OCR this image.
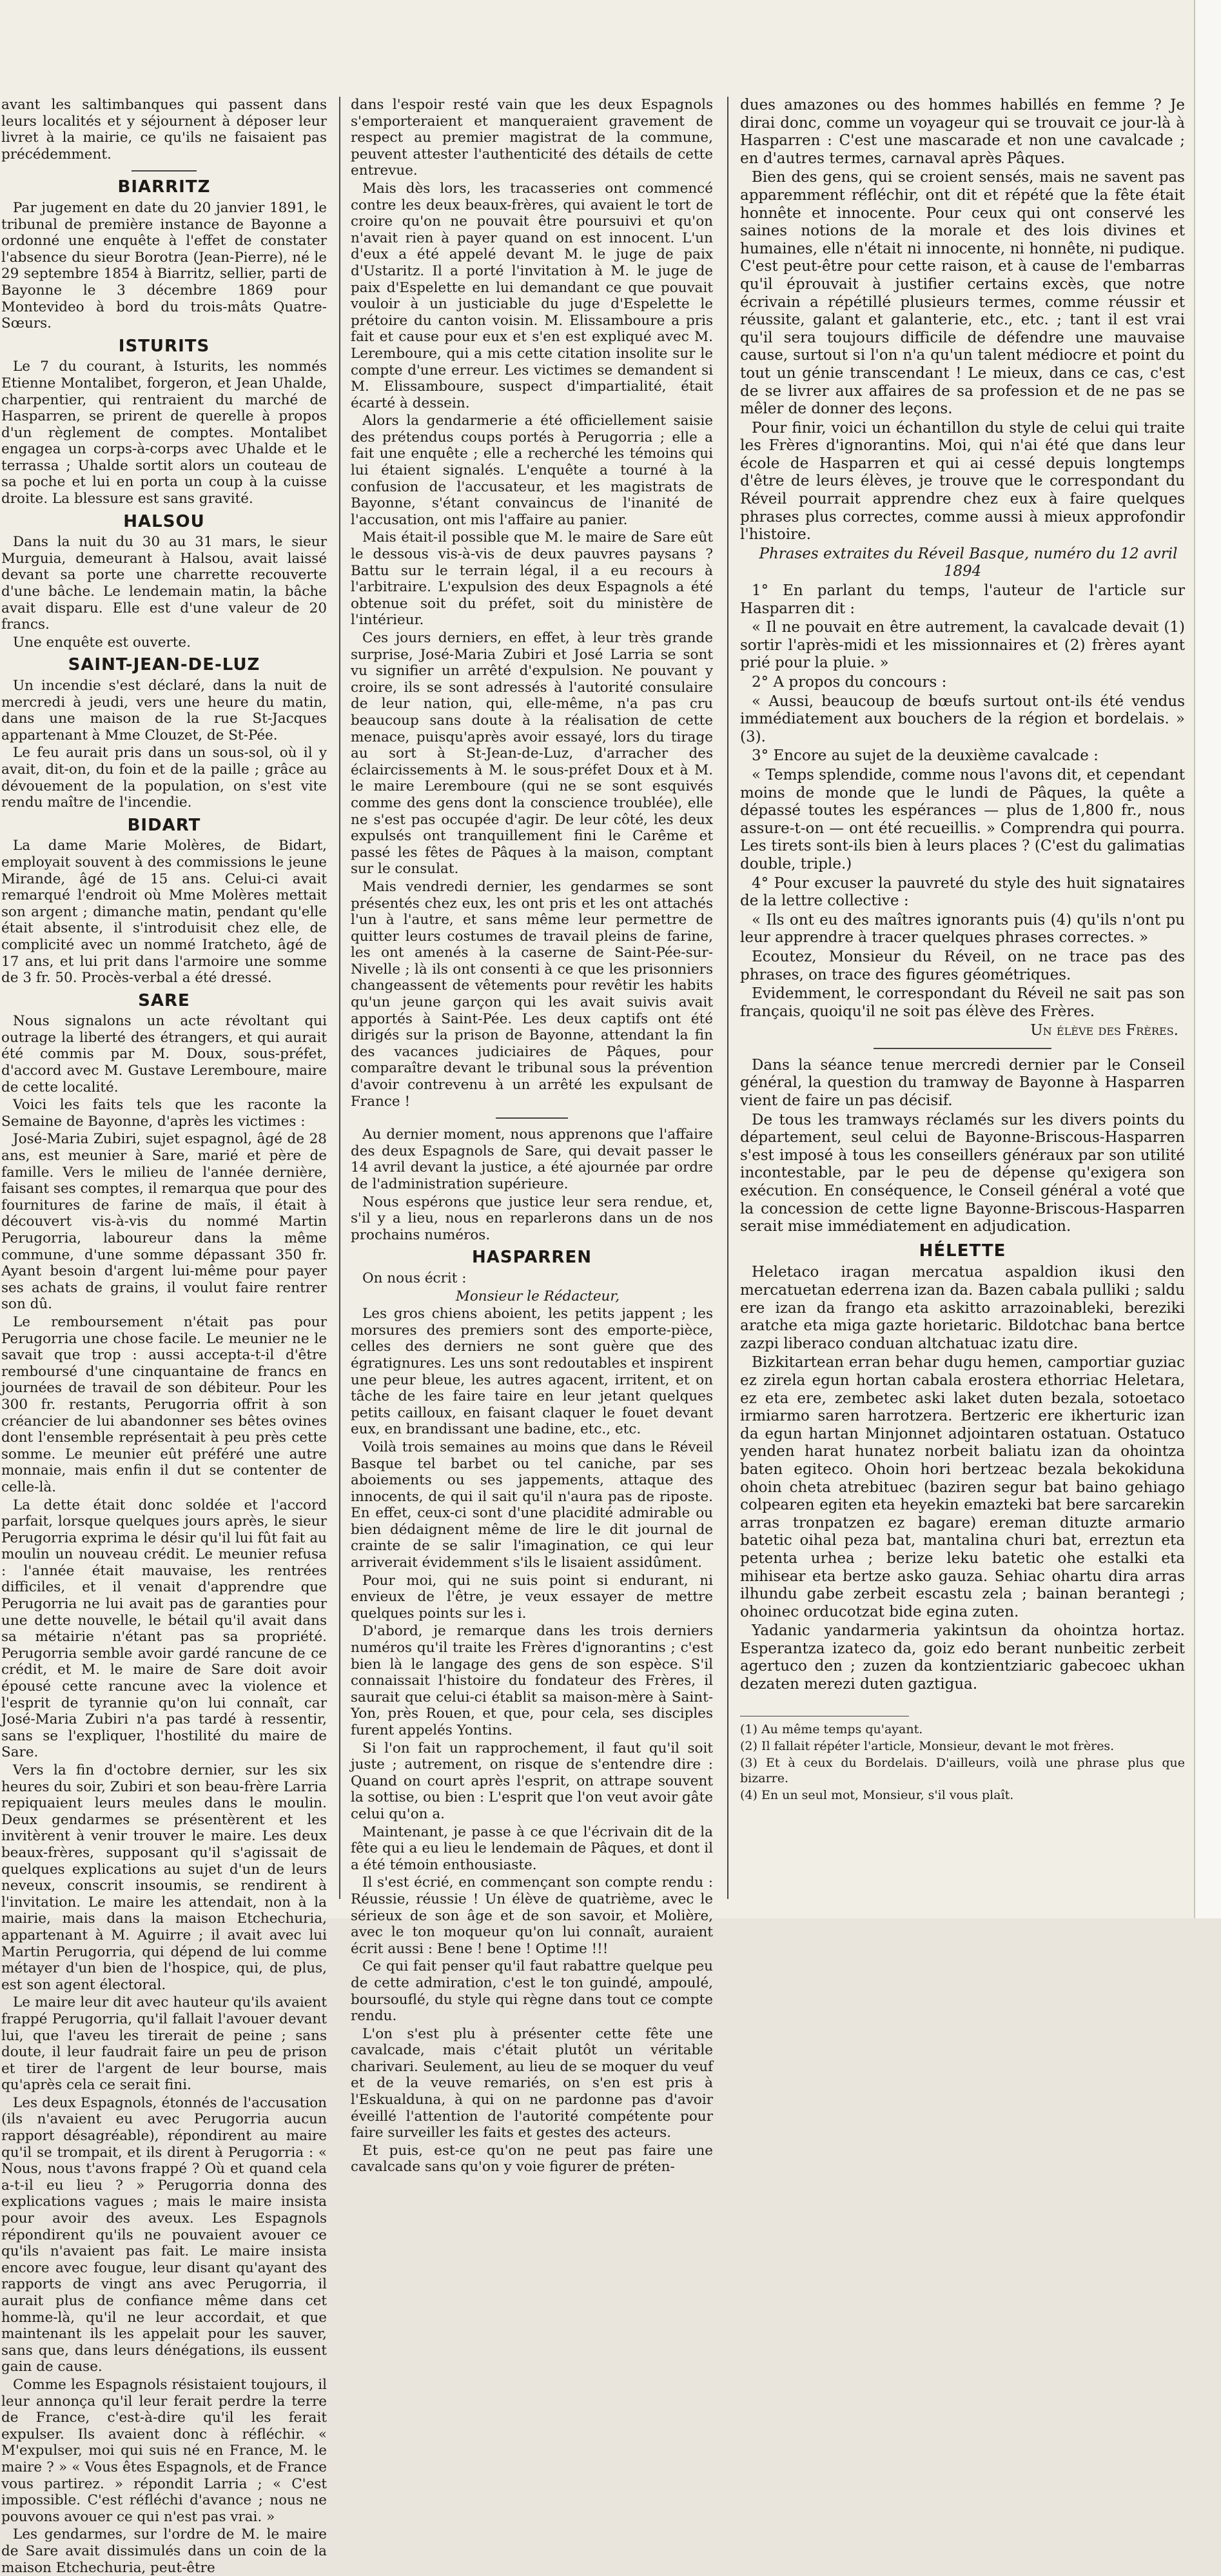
avant les saltimbanques qui passent dans leurs localités et y séjournent à déposer leur livret à la mairie, ce qu'ils ne faisaient pas précédemment.

BIARRITZ

Par jugement en date du 20 janvier 1891, le tribunal de première instance de Bayonne a ordonné une enquête à l'effet de constater l'absence du sieur Borotra (Jean-Pierre), né le 29 septembre 1854 à Biarritz, sellier, parti de Bayonne le 3 décembre 1869 pour Montevideo à bord du trois-mâts Quatre-Sœurs.

ISTURITS

Le 7 du courant, à Isturits, les nommés Etienne Montalibet, forgeron, et Jean Uhalde, charpentier, qui rentraient du marché de Hasparren, se prirent de querelle à propos d'un règlement de comptes. Montalibet engagea un corps-à-corps avec Uhalde et le terrassa ; Uhalde sortit alors un couteau de sa poche et lui en porta un coup à la cuisse droite. La blessure est sans gravité.

HALSOU

Dans la nuit du 30 au 31 mars, le sieur Murguia, demeurant à Halsou, avait laissé devant sa porte une charrette recouverte d'une bâche. Le lendemain matin, la bâche avait disparu. Elle est d'une valeur de 20 francs.

Une enquête est ouverte.

SAINT-JEAN-DE-LUZ

Un incendie s'est déclaré, dans la nuit de mercredi à jeudi, vers une heure du matin, dans une maison de la rue St-Jacques appartenant à Mme Clouzet, de St-Pée.

Le feu aurait pris dans un sous-sol, où il y avait, dit-on, du foin et de la paille ; grâce au dévouement de la population, on s'est vite rendu maître de l'incendie.

BIDART

La dame Marie Molères, de Bidart, employait souvent à des commissions le jeune Mirande, âgé de 15 ans. Celui-ci avait remarqué l'endroit où Mme Molères mettait son argent ; dimanche matin, pendant qu'elle était absente, il s'introduisit chez elle, de complicité avec un nommé Iratcheto, âgé de 17 ans, et lui prit dans l'armoire une somme de 3 fr. 50. Procès-verbal a été dressé.

SARE

Nous signalons un acte révoltant qui outrage la liberté des étrangers, et qui aurait été commis par M. Doux, sous-préfet, d'accord avec M. Gustave Leremboure, maire de cette localité.

Voici les faits tels que les raconte la Semaine de Bayonne, d'après les victimes :

José-Maria Zubiri, sujet espagnol, âgé de 28 ans, est meunier à Sare, marié et père de famille. Vers le milieu de l'année dernière, faisant ses comptes, il remarqua que pour des fournitures de farine de maïs, il était à découvert vis-à-vis du nommé Martin Perugorria, laboureur dans la même commune, d'une somme dépassant 350 fr. Ayant besoin d'argent lui-même pour payer ses achats de grains, il voulut faire rentrer son dû.

Le remboursement n'était pas pour Perugorria une chose facile. Le meunier ne le savait que trop : aussi accepta-t-il d'être remboursé d'une cinquantaine de francs en journées de travail de son débiteur. Pour les 300 fr. restants, Perugorria offrit à son créancier de lui abandonner ses bêtes ovines dont l'ensemble représentait à peu près cette somme. Le meunier eût préféré une autre monnaie, mais enfin il dut se contenter de celle-là.

La dette était donc soldée et l'accord parfait, lorsque quelques jours après, le sieur Perugorria exprima le désir qu'il lui fût fait au moulin un nouveau crédit. Le meunier refusa : l'année était mauvaise, les rentrées difficiles, et il venait d'apprendre que Perugorria ne lui avait pas de garanties pour une dette nouvelle, le bétail qu'il avait dans sa métairie n'étant pas sa propriété. Perugorria semble avoir gardé rancune de ce crédit, et M. le maire de Sare doit avoir épousé cette rancune avec la violence et l'esprit de tyrannie qu'on lui connaît, car José-Maria Zubiri n'a pas tardé à ressentir, sans se l'expliquer, l'hostilité du maire de Sare.

Vers la fin d'octobre dernier, sur les six heures du soir, Zubiri et son beau-frère Larria repiquaient leurs meules dans le moulin. Deux gendarmes se présentèrent et les invitèrent à venir trouver le maire. Les deux beaux-frères, supposant qu'il s'agissait de quelques explications au sujet d'un de leurs neveux, conscrit insoumis, se rendirent à l'invitation. Le maire les attendait, non à la mairie, mais dans la maison Etchechuria, appartenant à M. Aguirre ; il avait avec lui Martin Perugorria, qui dépend de lui comme métayer d'un bien de l'hospice, qui, de plus, est son agent électoral.

Le maire leur dit avec hauteur qu'ils avaient frappé Perugorria, qu'il fallait l'avouer devant lui, que l'aveu les tirerait de peine ; sans doute, il leur faudrait faire un peu de prison et tirer de l'argent de leur bourse, mais qu'après cela ce serait fini.

Les deux Espagnols, étonnés de l'accusation (ils n'avaient eu avec Perugorria aucun rapport désagréable), répondirent au maire qu'il se trompait, et ils dirent à Perugorria : « Nous, nous t'avons frappé ? Où et quand cela a-t-il eu lieu ? » Perugorria donna des explications vagues ; mais le maire insista pour avoir des aveux. Les Espagnols répondirent qu'ils ne pouvaient avouer ce qu'ils n'avaient pas fait. Le maire insista encore avec fougue, leur disant qu'ayant des rapports de vingt ans avec Perugorria, il aurait plus de confiance même dans cet homme-là, qu'il ne leur accordait, et que maintenant ils les appelait pour les sauver, sans que, dans leurs dénégations, ils eussent gain de cause.

Comme les Espagnols résistaient toujours, il leur annonça qu'il leur ferait perdre la terre de France, c'est-à-dire qu'il les ferait expulser. Ils avaient donc à réfléchir. « M'expulser, moi qui suis né en France, M. le maire ? » « Vous êtes Espagnols, et de France vous partirez. » répondit Larria ; « C'est impossible. C'est réfléchi d'avance ; nous ne pouvons avouer ce qui n'est pas vrai. »

Les gendarmes, sur l'ordre de M. le maire de Sare avait dissimulés dans un coin de la maison Etchechuria, peut-être

dans l'espoir resté vain que les deux Espagnols s'emporteraient et manqueraient gravement de respect au premier magistrat de la commune, peuvent attester l'authenticité des détails de cette entrevue.

Mais dès lors, les tracasseries ont commencé contre les deux beaux-frères, qui avaient le tort de croire qu'on ne pouvait être poursuivi et qu'on n'avait rien à payer quand on est innocent. L'un d'eux a été appelé devant M. le juge de paix d'Ustaritz. Il a porté l'invitation à M. le juge de paix d'Espelette en lui demandant ce que pouvait vouloir à un justiciable du juge d'Espelette le prétoire du canton voisin. M. Elissamboure a pris fait et cause pour eux et s'en est expliqué avec M. Leremboure, qui a mis cette citation insolite sur le compte d'une erreur. Les victimes se demandent si M. Elissamboure, suspect d'impartialité, était écarté à dessein.

Alors la gendarmerie a été officiellement saisie des prétendus coups portés à Perugorria ; elle a fait une enquête ; elle a recherché les témoins qui lui étaient signalés. L'enquête a tourné à la confusion de l'accusateur, et les magistrats de Bayonne, s'étant convaincus de l'inanité de l'accusation, ont mis l'affaire au panier.

Mais était-il possible que M. le maire de Sare eût le dessous vis-à-vis de deux pauvres paysans ? Battu sur le terrain légal, il a eu recours à l'arbitraire. L'expulsion des deux Espagnols a été obtenue soit du préfet, soit du ministère de l'intérieur.

Ces jours derniers, en effet, à leur très grande surprise, José-Maria Zubiri et José Larria se sont vu signifier un arrêté d'expulsion. Ne pouvant y croire, ils se sont adressés à l'autorité consulaire de leur nation, qui, elle-même, n'a pas cru beaucoup sans doute à la réalisation de cette menace, puisqu'après avoir essayé, lors du tirage au sort à St-Jean-de-Luz, d'arracher des éclaircissements à M. le sous-préfet Doux et à M. le maire Leremboure (qui ne se sont esquivés comme des gens dont la conscience troublée), elle ne s'est pas occupée d'agir. De leur côté, les deux expulsés ont tranquillement fini le Carême et passé les fêtes de Pâques à la maison, comptant sur le consulat.

Mais vendredi dernier, les gendarmes se sont présentés chez eux, les ont pris et les ont attachés l'un à l'autre, et sans même leur permettre de quitter leurs costumes de travail pleins de farine, les ont amenés à la caserne de Saint-Pée-sur-Nivelle ; là ils ont consenti à ce que les prisonniers changeassent de vêtements pour revêtir les habits qu'un jeune garçon qui les avait suivis avait apportés à Saint-Pée. Les deux captifs ont été dirigés sur la prison de Bayonne, attendant la fin des vacances judiciaires de Pâques, pour comparaître devant le tribunal sous la prévention d'avoir contrevenu à un arrêté les expulsant de France !

Au dernier moment, nous apprenons que l'affaire des deux Espagnols de Sare, qui devait passer le 14 avril devant la justice, a été ajournée par ordre de l'administration supérieure.

Nous espérons que justice leur sera rendue, et, s'il y a lieu, nous en reparlerons dans un de nos prochains numéros.

HASPARREN

On nous écrit :

Monsieur le Rédacteur,

Les gros chiens aboient, les petits jappent ; les morsures des premiers sont des emporte-pièce, celles des derniers ne sont guère que des égratignures. Les uns sont redoutables et inspirent une peur bleue, les autres agacent, irritent, et on tâche de les faire taire en leur jetant quelques petits cailloux, en faisant claquer le fouet devant eux, en brandissant une badine, etc., etc.

Voilà trois semaines au moins que dans le Réveil Basque tel barbet ou tel caniche, par ses aboiements ou ses jappements, attaque des innocents, de qui il sait qu'il n'aura pas de riposte. En effet, ceux-ci sont d'une placidité admirable ou bien dédaignent même de lire le dit journal de crainte de se salir l'imagination, ce qui leur arriverait évidemment s'ils le lisaient assidûment.

Pour moi, qui ne suis point si endurant, ni envieux de l'être, je veux essayer de mettre quelques points sur les i.

D'abord, je remarque dans les trois derniers numéros qu'il traite les Frères d'ignorantins ; c'est bien là le langage des gens de son espèce. S'il connaissait l'histoire du fondateur des Frères, il saurait que celui-ci établit sa maison-mère à Saint-Yon, près Rouen, et que, pour cela, ses disciples furent appelés Yontins.

Si l'on fait un rapprochement, il faut qu'il soit juste ; autrement, on risque de s'entendre dire : Quand on court après l'esprit, on attrape souvent la sottise, ou bien : L'esprit que l'on veut avoir gâte celui qu'on a.

Maintenant, je passe à ce que l'écrivain dit de la fête qui a eu lieu le lendemain de Pâques, et dont il a été témoin enthousiaste.

Il s'est écrié, en commençant son compte rendu : Réussie, réussie ! Un élève de quatrième, avec le sérieux de son âge et de son savoir, et Molière, avec le ton moqueur qu'on lui connaît, auraient écrit aussi : Bene ! bene ! Optime !!!

Ce qui fait penser qu'il faut rabattre quelque peu de cette admiration, c'est le ton guindé, ampoulé, boursouflé, du style qui règne dans tout ce compte rendu.

L'on s'est plu à présenter cette fête une cavalcade, mais c'était plutôt un véritable charivari. Seulement, au lieu de se moquer du veuf et de la veuve remariés, on s'en est pris à l'Eskualduna, à qui on ne pardonne pas d'avoir éveillé l'attention de l'autorité compétente pour faire surveiller les faits et gestes des acteurs.

Et puis, est-ce qu'on ne peut pas faire une cavalcade sans qu'on y voie figurer de préten-

dues amazones ou des hommes habillés en femme ? Je dirai donc, comme un voyageur qui se trouvait ce jour-là à Hasparren : C'est une mascarade et non une cavalcade ; en d'autres termes, carnaval après Pâques.

Bien des gens, qui se croient sensés, mais ne savent pas apparemment réfléchir, ont dit et répété que la fête était honnête et innocente. Pour ceux qui ont conservé les saines notions de la morale et des lois divines et humaines, elle n'était ni innocente, ni honnête, ni pudique. C'est peut-être pour cette raison, et à cause de l'embarras qu'il éprouvait à justifier certains excès, que notre écrivain a répétillé plusieurs termes, comme réussir et réussite, galant et galanterie, etc., etc. ; tant il est vrai qu'il sera toujours difficile de défendre une mauvaise cause, surtout si l'on n'a qu'un talent médiocre et point du tout un génie transcendant ! Le mieux, dans ce cas, c'est de se livrer aux affaires de sa profession et de ne pas se mêler de donner des leçons.

Pour finir, voici un échantillon du style de celui qui traite les Frères d'ignorantins. Moi, qui n'ai été que dans leur école de Hasparren et qui ai cessé depuis longtemps d'être de leurs élèves, je trouve que le correspondant du Réveil pourrait apprendre chez eux à faire quelques phrases plus correctes, comme aussi à mieux approfondir l'histoire.

Phrases extraites du Réveil Basque, numéro du 12 avril 1894

1° En parlant du temps, l'auteur de l'article sur Hasparren dit :

« Il ne pouvait en être autrement, la cavalcade devait (1) sortir l'après-midi et les missionnaires et (2) frères ayant prié pour la pluie. »

2° A propos du concours :

« Aussi, beaucoup de bœufs surtout ont-ils été vendus immédiatement aux bouchers de la région et bordelais. » (3).

3° Encore au sujet de la deuxième cavalcade :

« Temps splendide, comme nous l'avons dit, et cependant moins de monde que le lundi de Pâques, la quête a dépassé toutes les espérances — plus de 1,800 fr., nous assure-t-on — ont été recueillis. » Comprendra qui pourra. Les tirets sont-ils bien à leurs places ? (C'est du galimatias double, triple.)

4° Pour excuser la pauvreté du style des huit signataires de la lettre collective :

« Ils ont eu des maîtres ignorants puis (4) qu'ils n'ont pu leur apprendre à tracer quelques phrases correctes. »

Ecoutez, Monsieur du Réveil, on ne trace pas des phrases, on trace des figures géométriques.

Evidemment, le correspondant du Réveil ne sait pas son français, quoiqu'il ne soit pas élève des Frères.

Un élève des Frères.

Dans la séance tenue mercredi dernier par le Conseil général, la question du tramway de Bayonne à Hasparren vient de faire un pas décisif.

De tous les tramways réclamés sur les divers points du département, seul celui de Bayonne-Briscous-Hasparren s'est imposé à tous les conseillers généraux par son utilité incontestable, par le peu de dépense qu'exigera son exécution. En conséquence, le Conseil général a voté que la concession de cette ligne Bayonne-Briscous-Hasparren serait mise immédiatement en adjudication.

HÉLETTE

Heletaco iragan mercatua aspaldion ikusi den mercatuetan ederrena izan da. Bazen cabala pulliki ; saldu ere izan da frango eta askitto arrazoinableki, bereziki aratche eta miga gazte horietaric. Bildotchac bana bertce zazpi liberaco conduan altchatuac izatu dire.

Bizkitartean erran behar dugu hemen, camportiar guziac ez zirela egun hortan cabala erostera ethorriac Heletara, ez eta ere, zembetec aski laket duten bezala, sotoetaco irmiarmo saren harrotzera. Bertzeric ere ikherturic izan da egun hartan Minjonnet adjointaren ostatuan. Ostatuco yenden harat hunatez norbeit baliatu izan da ohointza baten egiteco. Ohoin hori bertzeac bezala bekokiduna ohoin cheta atrebituec (baziren segur bat baino gehiago colpearen egiten eta heyekin emazteki bat bere sarcarekin arras tronpatzen ez bagare) ereman dituzte armario batetic oihal peza bat, mantalina churi bat, erreztun eta petenta urhea ; berize leku batetic ohe estalki eta mihisear eta bertze asko gauza. Sehiac ohartu dira arras ilhundu gabe zerbeit escastu zela ; bainan berantegi ; ohoinec orducotzat bide egina zuten.

Yadanic yandarmeria yakintsun da ohointza hortaz. Esperantza izateco da, goiz edo berant nunbeitic zerbeit agertuco den ; zuzen da kontzientziaric gabecoec ukhan dezaten merezi duten gaztigua.

(1) Au même temps qu'ayant.

(2) Il fallait répéter l'article, Monsieur, devant le mot frères.

(3) Et à ceux du Bordelais. D'ailleurs, voilà une phrase plus que bizarre.

(4) En un seul mot, Monsieur, s'il vous plaît.
